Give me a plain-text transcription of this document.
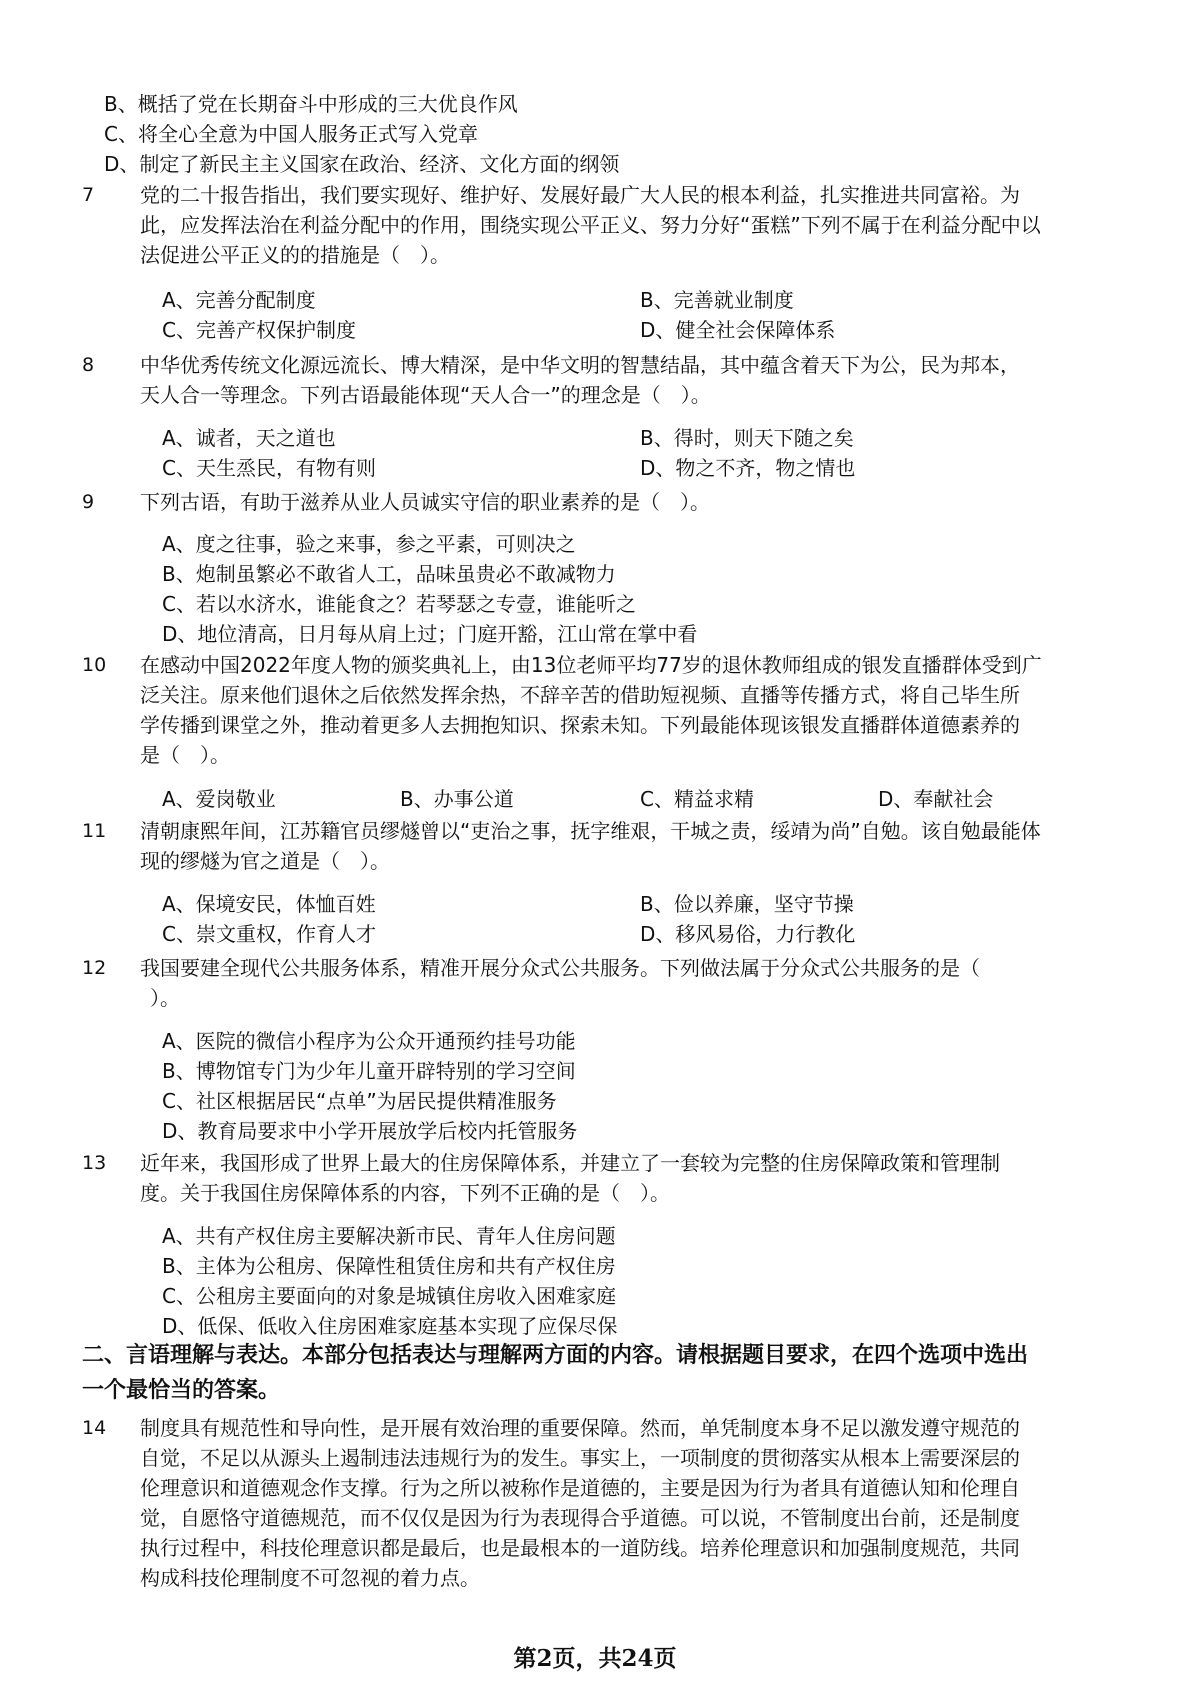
B、概括了党在长期奋斗中形成的三大优良作风
C、将全心全意为中国人服务正式写入党章
D、制定了新民主主义国家在政治、经济、文化方面的纲领
7 党的二十报告指出，我们要实现好、维护好、发展好最广大人民的根本利益，扎实推进共同富裕。为
此，应发挥法治在利益分配中的作用，围绕实现公平正义、努力分好“蛋糕”下列不属于在利益分配中以
法促进公平正义的的措施是（　）。
A、完善分配制度	B、完善就业制度
C、完善产权保护制度	D、健全社会保障体系
8 中华优秀传统文化源远流长、博大精深，是中华文明的智慧结晶，其中蕴含着天下为公，民为邦本，
天人合一等理念。下列古语最能体现“天人合一”的理念是（　）。
A、诚者，天之道也	B、得时，则天下随之矣
C、天生烝民，有物有则	D、物之不齐，物之情也
9 下列古语，有助于滋养从业人员诚实守信的职业素养的是（　）。
A、度之往事，验之来事，参之平素，可则决之
B、炮制虽繁必不敢省人工，品味虽贵必不敢减物力
C、若以水济水，谁能食之？若琴瑟之专壹，谁能听之
D、地位清高，日月每从肩上过；门庭开豁，江山常在掌中看
10 在感动中国2022年度人物的颁奖典礼上，由13位老师平均77岁的退休教师组成的银发直播群体受到广
泛关注。原来他们退休之后依然发挥余热，不辞辛苦的借助短视频、直播等传播方式，将自己毕生所
学传播到课堂之外，推动着更多人去拥抱知识、探索未知。下列最能体现该银发直播群体道德素养的
是（　）。
A、爱岗敬业	B、办事公道	C、精益求精	D、奉献社会
11 清朝康熙年间，江苏籍官员缪燧曾以“吏治之事，抚字维艰，干城之责，绥靖为尚”自勉。该自勉最能体
现的缪燧为官之道是（　）。
A、保境安民，体恤百姓	B、俭以养廉，坚守节操
C、崇文重权，作育人才	D、移风易俗，力行教化
12 我国要建全现代公共服务体系，精准开展分众式公共服务。下列做法属于分众式公共服务的是（
）。
A、医院的微信小程序为公众开通预约挂号功能
B、博物馆专门为少年儿童开辟特别的学习空间
C、社区根据居民“点单”为居民提供精准服务
D、教育局要求中小学开展放学后校内托管服务
13 近年来，我国形成了世界上最大的住房保障体系，并建立了一套较为完整的住房保障政策和管理制
度。关于我国住房保障体系的内容，下列不正确的是（　）。
A、共有产权住房主要解决新市民、青年人住房问题
B、主体为公租房、保障性租赁住房和共有产权住房
C、公租房主要面向的对象是城镇住房收入困难家庭
D、低保、低收入住房困难家庭基本实现了应保尽保
二、言语理解与表达。本部分包括表达与理解两方面的内容。请根据题目要求，在四个选项中选出
一个最恰当的答案。
14 制度具有规范性和导向性，是开展有效治理的重要保障。然而，单凭制度本身不足以激发遵守规范的
自觉，不足以从源头上遏制违法违规行为的发生。事实上，一项制度的贯彻落实从根本上需要深层的
伦理意识和道德观念作支撑。行为之所以被称作是道德的，主要是因为行为者具有道德认知和伦理自
觉，自愿恪守道德规范，而不仅仅是因为行为表现得合乎道德。可以说，不管制度出台前，还是制度
执行过程中，科技伦理意识都是最后，也是最根本的一道防线。培养伦理意识和加强制度规范，共同
构成科技伦理制度不可忽视的着力点。
第2页，共24页
